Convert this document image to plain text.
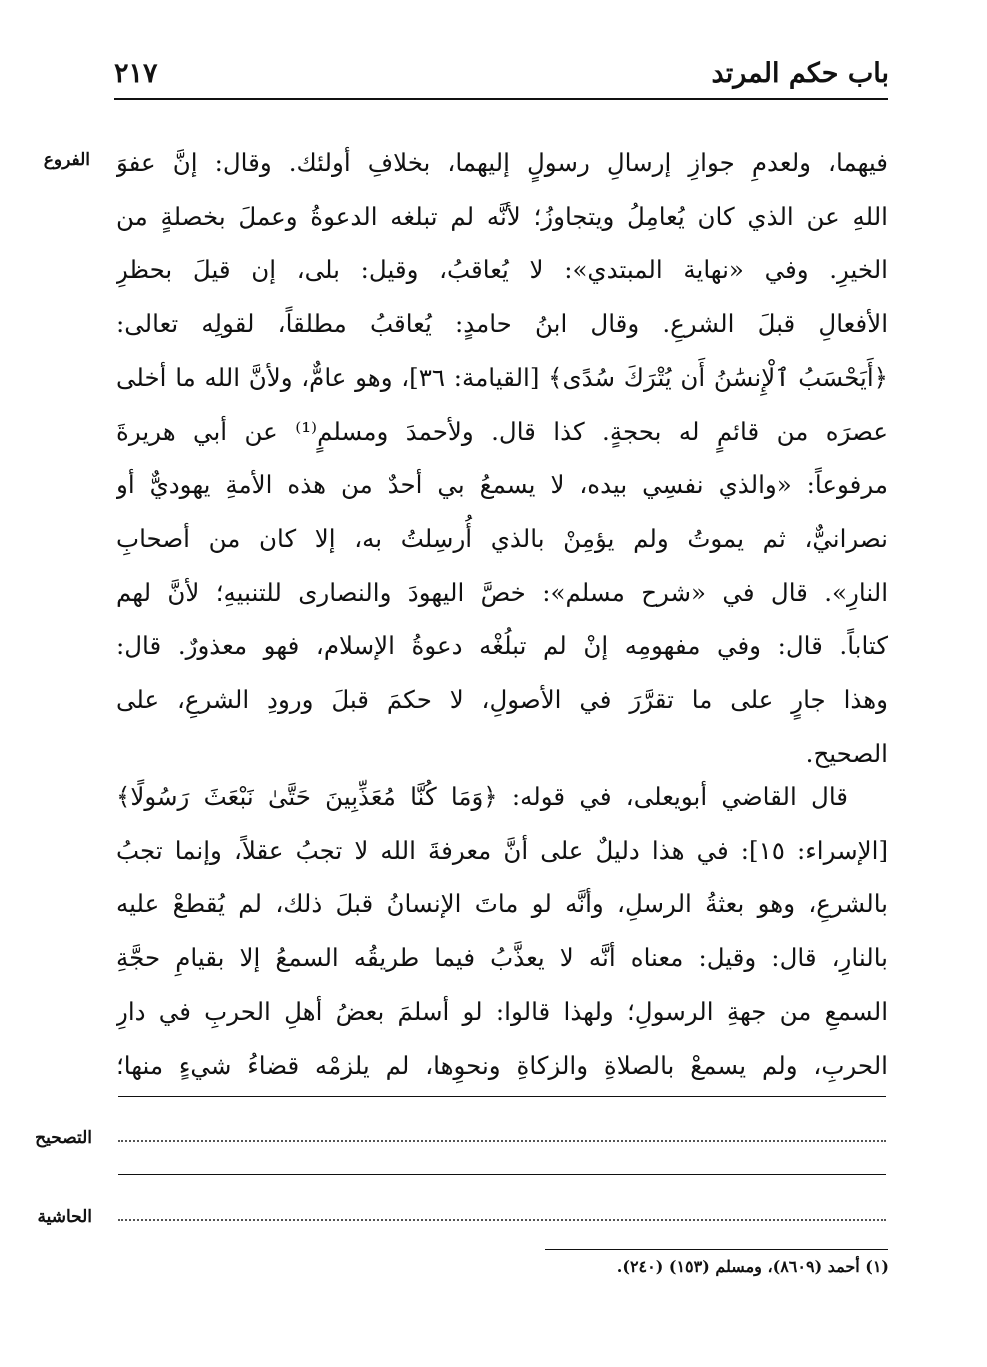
باب حكم المرتد
٢١٧
الفروع فيهما، ولعدمِ جوازِ إرسالِ رسولٍ إليهما، بخلافِ أولئك. وقال: إنَّ عفوَ
اللهِ عن الذي كان يُعامِلُ ويتجاوزُ؛ لأنَّه لم تبلغه الدعوةُ وعملَ بخصلةٍ من
الخيرِ. وفي «نهاية المبتدي»: لا يُعاقبُ، وقيل: بلى، إن قيلَ بحظرِ
الأفعالِ قبلَ الشرعِ. وقال ابنُ حامدٍ: يُعاقبُ مطلقاً، لقولِه تعالى:
﴿أَيَحْسَبُ ٱلْإِنسَٰنُ أَن يُتْرَكَ سُدًى﴾ [القيامة: ٣٦]، وهو عامٌّ، ولأنَّ الله ما أخلى
عصرَه من قائمٍ له بحجةٍ. كذا قال. ولأحمدَ ومسلمٍ⁽¹⁾ عن أبي هريرةَ
مرفوعاً: «والذي نفسِي بيده، لا يسمعُ بي أحدٌ من هذه الأمةِ يهوديٌّ أو
نصرانيٌّ، ثم يموتُ ولم يؤمِنْ بالذي أُرسِلتُ به، إلا كان من أصحابِ
النارِ». قال في «شرح مسلم»: خصَّ اليهودَ والنصارى للتنبيهِ؛ لأنَّ لهم
كتاباً. قال: وفي مفهومِه إنْ لم تبلُغْه دعوةُ الإسلام، فهو معذورٌ. قال:
وهذا جارٍ على ما تقرَّرَ في الأصولِ، لا حكمَ قبلَ ورودِ الشرعِ، على
الصحيح.
قال القاضي أبويعلى، في قوله: ﴿وَمَا كُنَّا مُعَذِّبِينَ حَتَّىٰ نَبْعَثَ رَسُولًا﴾
[الإسراء: ١٥]: في هذا دليلٌ على أنَّ معرفةَ الله لا تجبُ عقلاً، وإنما تجبُ
بالشرعِ، وهو بعثةُ الرسلِ، وأنَّه لو ماتَ الإنسانُ قبلَ ذلك، لم يُقطعْ عليه
بالنارِ، قال: وقيل: معناه أنَّه لا يعذَّبُ فيما طريقُه السمعُ إلا بقيامِ حجَّةِ
السمعِ من جهةِ الرسولِ؛ ولهذا قالوا: لو أسلمَ بعضُ أهلِ الحربِ في دارِ
الحربِ، ولم يسمعْ بالصلاةِ والزكاةِ ونحوِها، لم يلزمْه قضاءُ شيءٍ منها؛
التصحيح
الحاشية
(١) أحمد (٨٦٠٩)، ومسلم (١٥٣) (٢٤٠).
